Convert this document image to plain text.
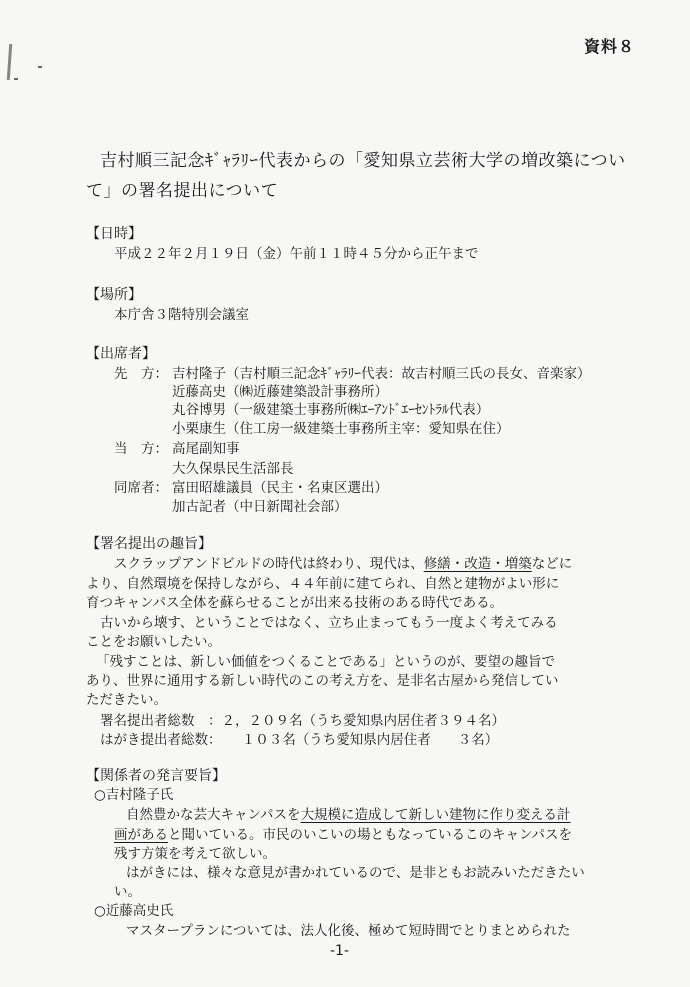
資料８
吉村順三記念ｷﾞｬﾗﾘｰ代表からの「愛知県立芸術大学の増改築につい
て」の署名提出について
【日時】
平成２２年２月１９日（金）午前１１時４５分から正午まで
【場所】
本庁舎３階特別会議室
【出席者】
先　方： 吉村隆子（吉村順三記念ｷﾞｬﾗﾘｰ代表：故吉村順三氏の長女、音楽家）
近藤高史（㈱近藤建築設計事務所）
丸谷博男（一級建築士事務所㈱ｴｰｱﾝﾄﾞｴｰｾﾝﾄﾗﾙ代表）
小栗康生（住工房一級建築士事務所主宰：愛知県在住）
当　方： 高尾副知事
大久保県民生活部長
同席者： 富田昭雄議員（民主・名東区選出）
加古記者（中日新聞社会部）
【署名提出の趣旨】
スクラップアンドビルドの時代は終わり、現代は、修繕・改造・増築などに
より、自然環境を保持しながら、４４年前に建てられ、自然と建物がよい形に
育つキャンパス全体を蘇らせることが出来る技術のある時代である。
古いから壊す、ということではなく、立ち止まってもう一度よく考えてみる
ことをお願いしたい。
「残すことは、新しい価値をつくることである」というのが、要望の趣旨で
あり、世界に通用する新しい時代のこの考え方を、是非名古屋から発信してい
ただきたい。
署名提出者総数　：２，２０９名（うち愛知県内居住者３９４名）
はがき提出者総数：　　１０３名（うち愛知県内居住者　　３名）
【関係者の発言要旨】
○吉村隆子氏
自然豊かな芸大キャンパスを大規模に造成して新しい建物に作り変える計
画があると聞いている。市民のいこいの場ともなっているこのキャンパスを
残す方策を考えて欲しい。
はがきには、様々な意見が書かれているので、是非ともお読みいただきたい
い。
○近藤高史氏
マスタープランについては、法人化後、極めて短時間でとりまとめられた
-1-
